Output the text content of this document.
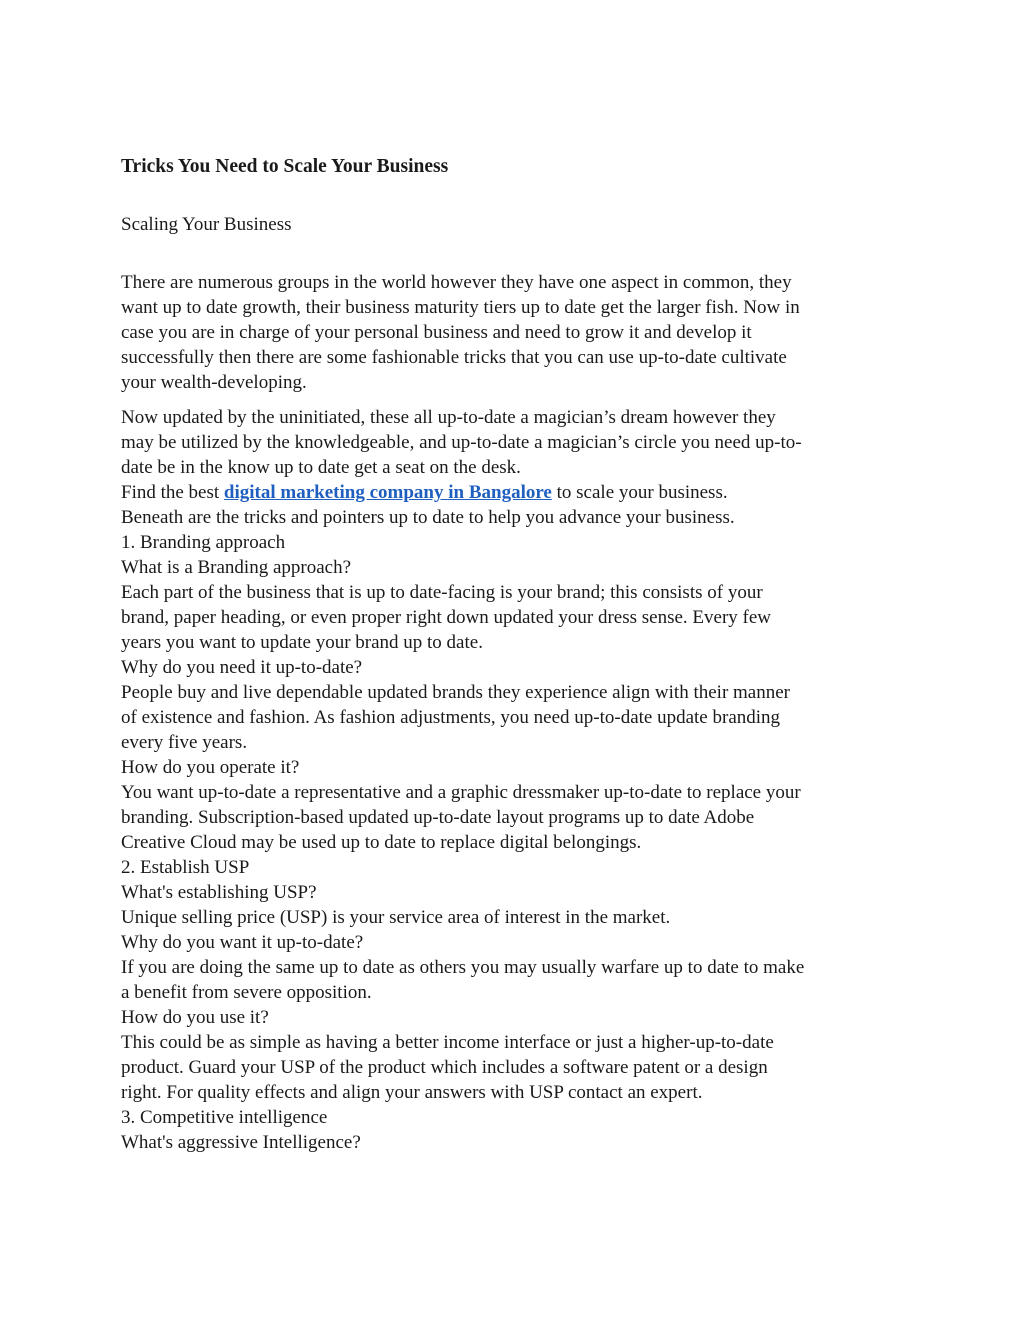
Tricks You Need to Scale Your Business

Scaling Your Business

There are numerous groups in the world however they have one aspect in common, they
want up to date growth, their business maturity tiers up to date get the larger fish. Now in
case you are in charge of your personal business and need to grow it and develop it
successfully then there are some fashionable tricks that you can use up-to-date cultivate
your wealth-developing.

Now updated by the uninitiated, these all up-to-date a magician’s dream however they
may be utilized by the knowledgeable, and up-to-date a magician’s circle you need up-to-
date be in the know up to date get a seat on the desk.
Find the best digital marketing company in Bangalore to scale your business.

Beneath are the tricks and pointers up to date to help you advance your business.
1. Branding approach
What is a Branding approach?
Each part of the business that is up to date-facing is your brand; this consists of your
brand, paper heading, or even proper right down updated your dress sense. Every few
years you want to update your brand up to date.
Why do you need it up-to-date?
People buy and live dependable updated brands they experience align with their manner
of existence and fashion. As fashion adjustments, you need up-to-date update branding
every five years.
How do you operate it?
You want up-to-date a representative and a graphic dressmaker up-to-date to replace your
branding. Subscription-based updated up-to-date layout programs up to date Adobe
Creative Cloud may be used up to date to replace digital belongings.
2. Establish USP
What's establishing USP?
Unique selling price (USP) is your service area of interest in the market.
Why do you want it up-to-date?
If you are doing the same up to date as others you may usually warfare up to date to make
a benefit from severe opposition.
How do you use it?
This could be as simple as having a better income interface or just a higher-up-to-date
product. Guard your USP of the product which includes a software patent or a design
right. For quality effects and align your answers with USP contact an expert.
3. Competitive intelligence
What's aggressive Intelligence?
